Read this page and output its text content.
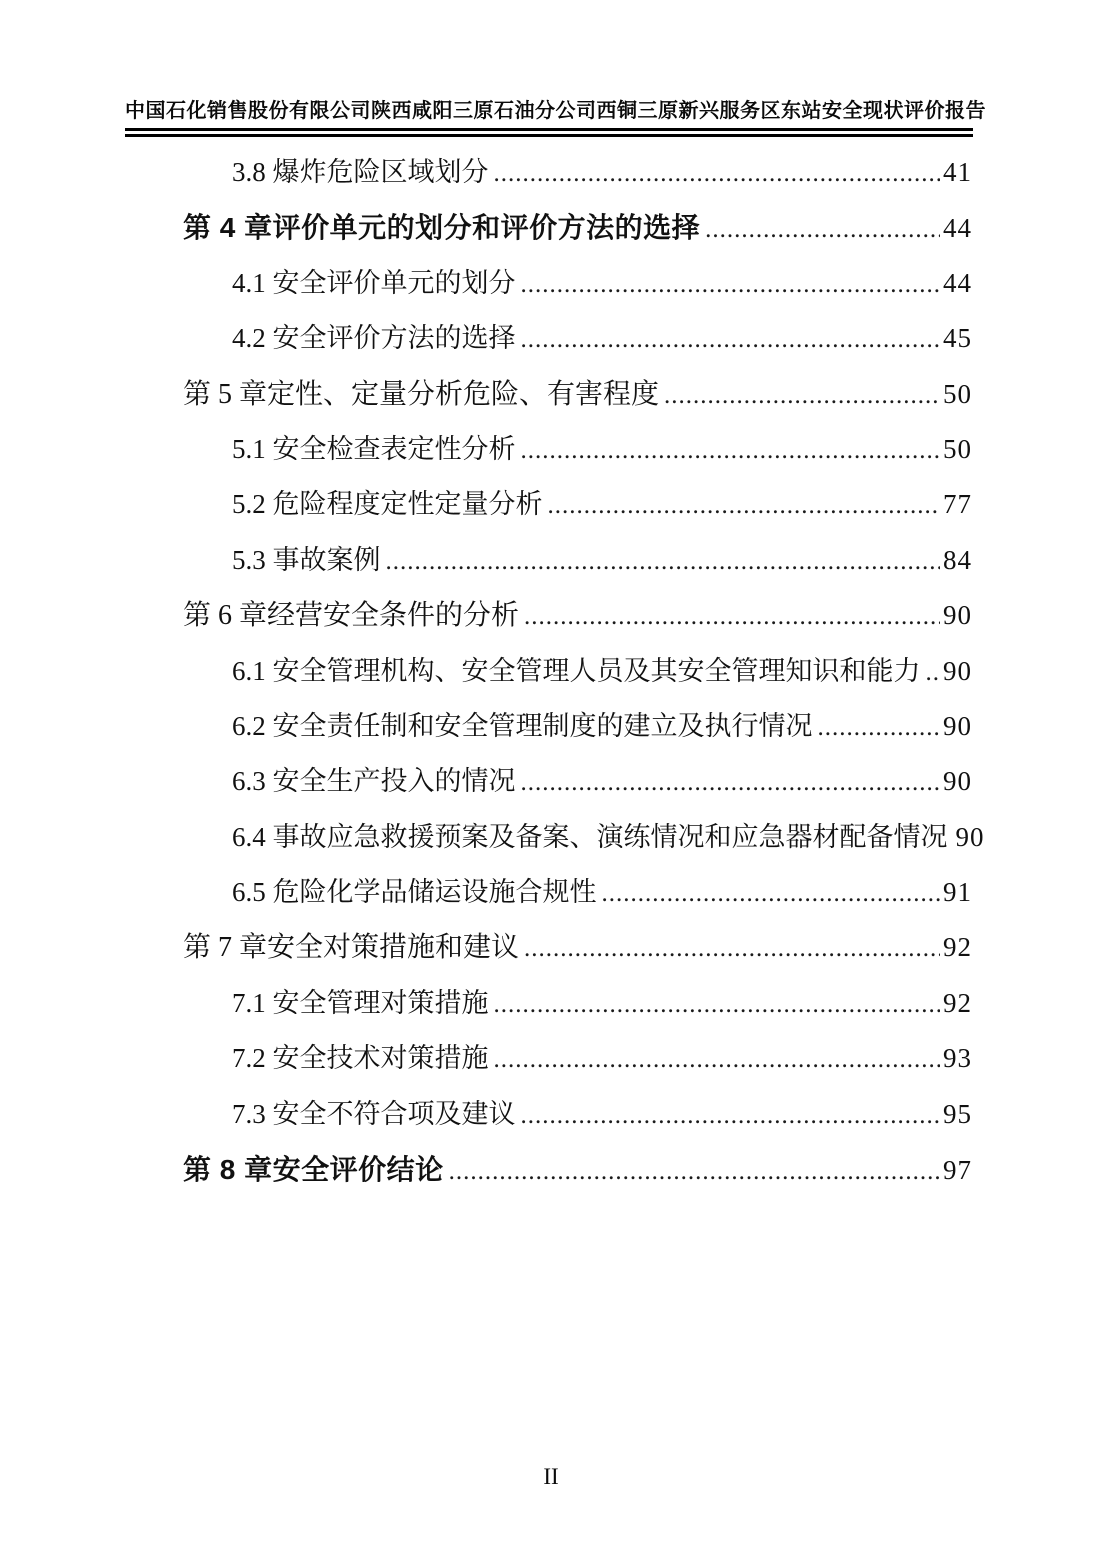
中国石化销售股份有限公司陕西咸阳三原石油分公司西铜三原新兴服务区东站安全现状评价报告
3.8 爆炸危险区域划分 .....	41
第 4 章评价单元的划分和评价方法的选择 .....	44
4.1 安全评价单元的划分 .....	44
4.2 安全评价方法的选择 .....	45
第 5 章定性、定量分析危险、有害程度 .....	50
5.1 安全检查表定性分析 .....	50
5.2 危险程度定性定量分析 .....	77
5.3 事故案例 .....	84
第 6 章经营安全条件的分析 .....	90
6.1 安全管理机构、安全管理人员及其安全管理知识和能力 ..... 90
6.2 安全责任制和安全管理制度的建立及执行情况 .....	90
6.3 安全生产投入的情况 .....	90
6.4 事故应急救援预案及备案、演练情况和应急器材配备情况 ..... 90
6.5 危险化学品储运设施合规性 .....	91
第 7 章安全对策措施和建议 .....	92
7.1 安全管理对策措施 .....	92
7.2 安全技术对策措施 .....	93
7.3 安全不符合项及建议 .....	95
第 8 章安全评价结论 .....	97
II
